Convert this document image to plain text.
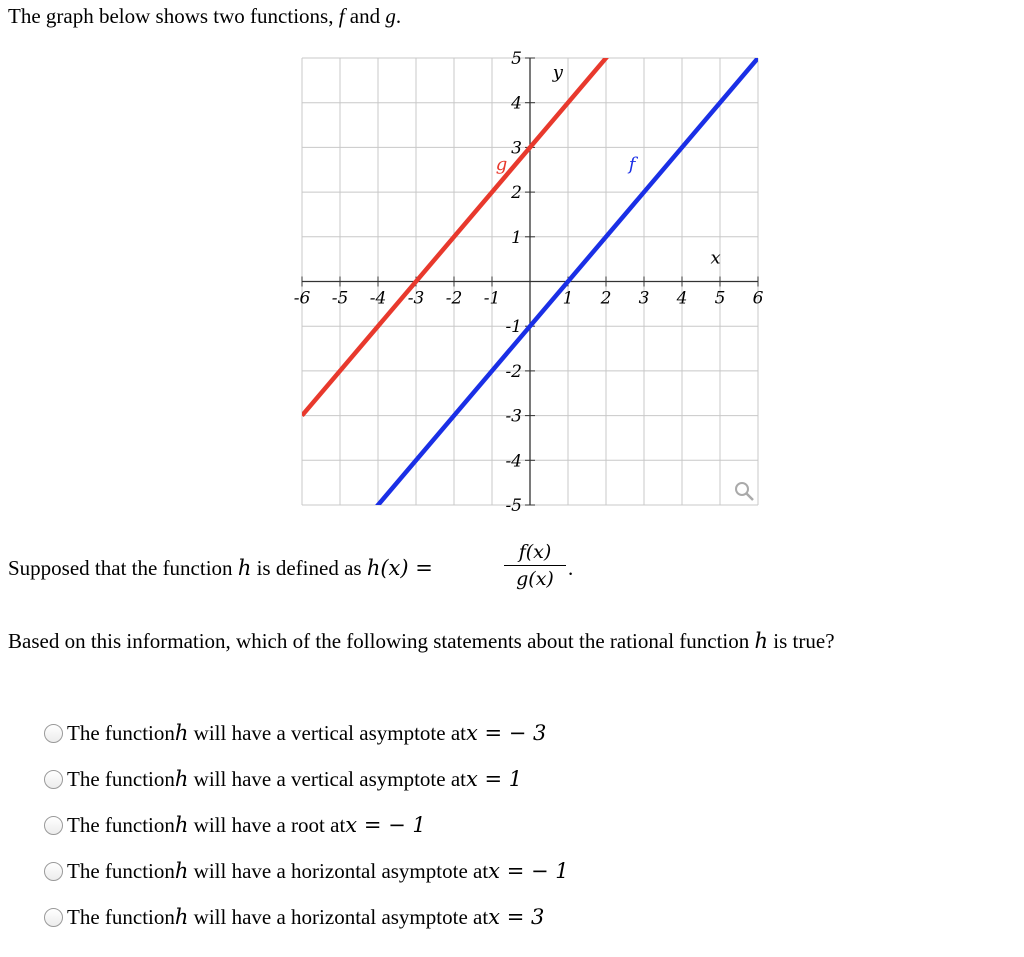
The graph below shows two functions, f and g.
-6 -5 -4 -3 -2 -1	1 2 3 4 5 6
5
4
3
2
1
-1
-2
-3
-4
-5
y
x
g	f
Supposed that the function h is defined as h(x) =
f(x)
g(x) .
Based on this information, which of the following statements about the rational function h is true?
The function h
will have a vertical asymptote at x = − 3
The function h
will have a vertical asymptote at x = 1
The function h
will have a root at x = − 1
The function h
will have a horizontal asymptote at x = − 1
The function h
will have a horizontal asymptote at x = 3
